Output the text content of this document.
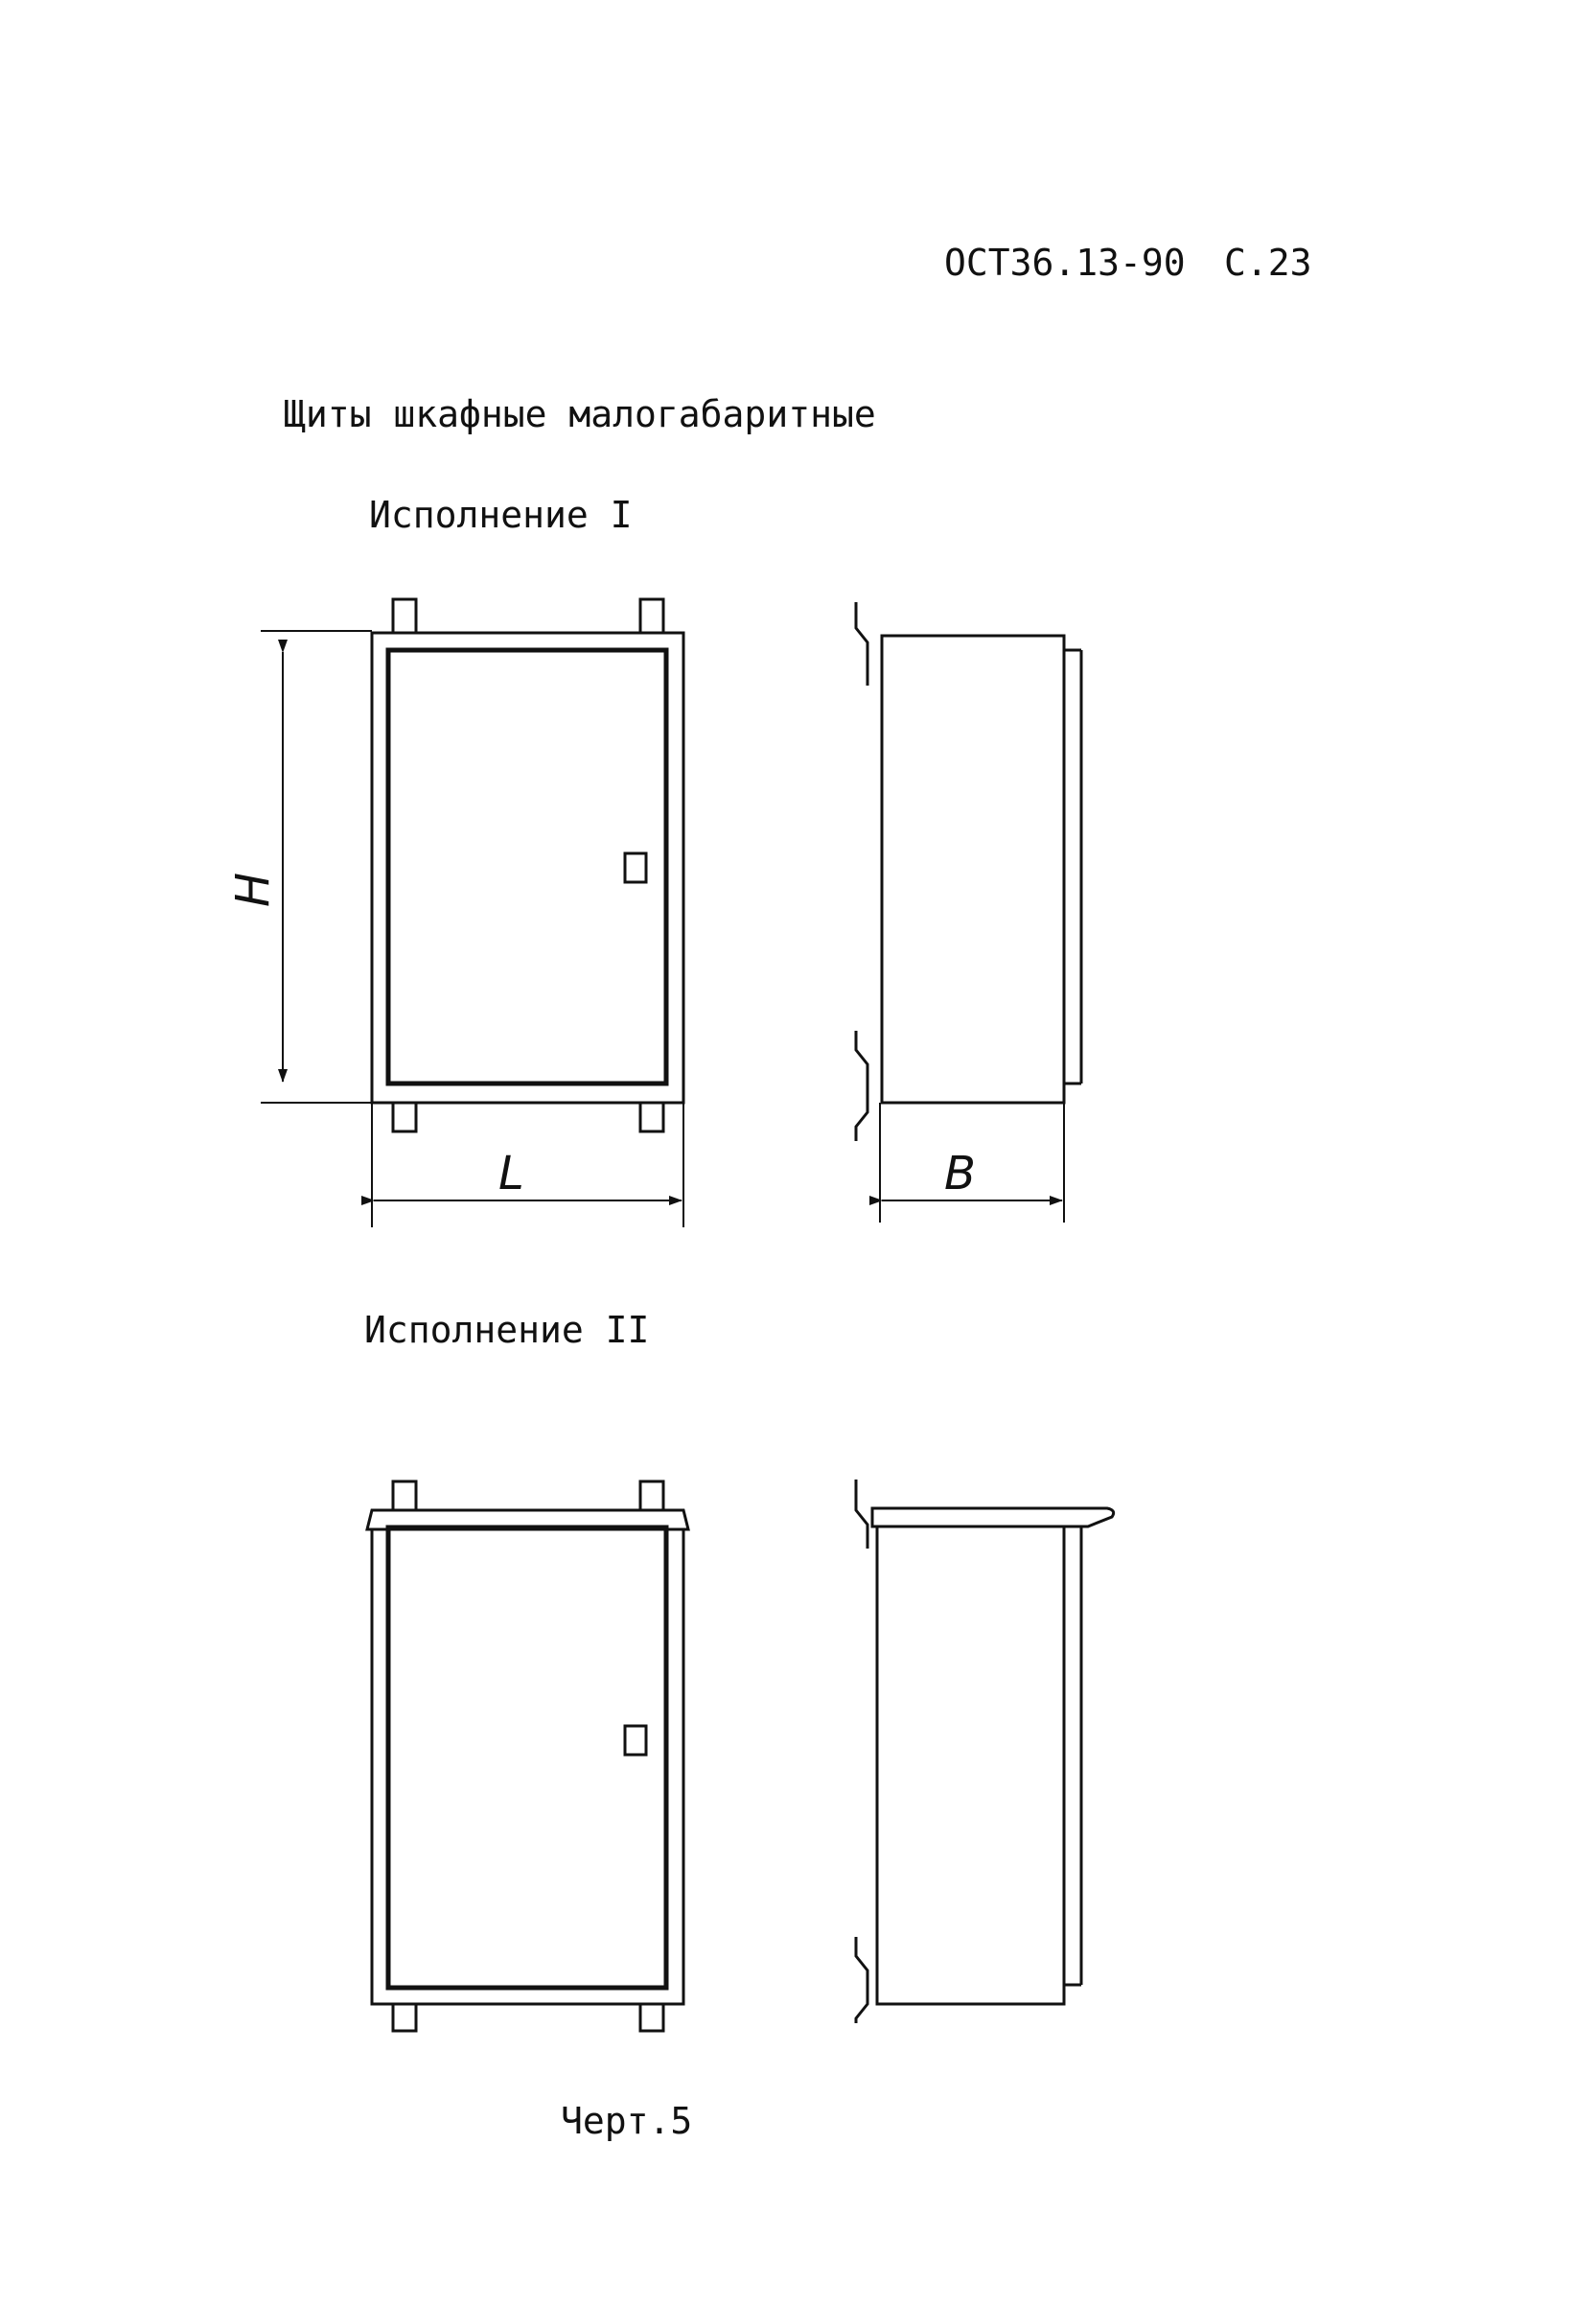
ОСТ36.13-90 С.23
Щиты шкафные малогабаритные
Исполнение I
Исполнение II
Черт.5
H
L	B
